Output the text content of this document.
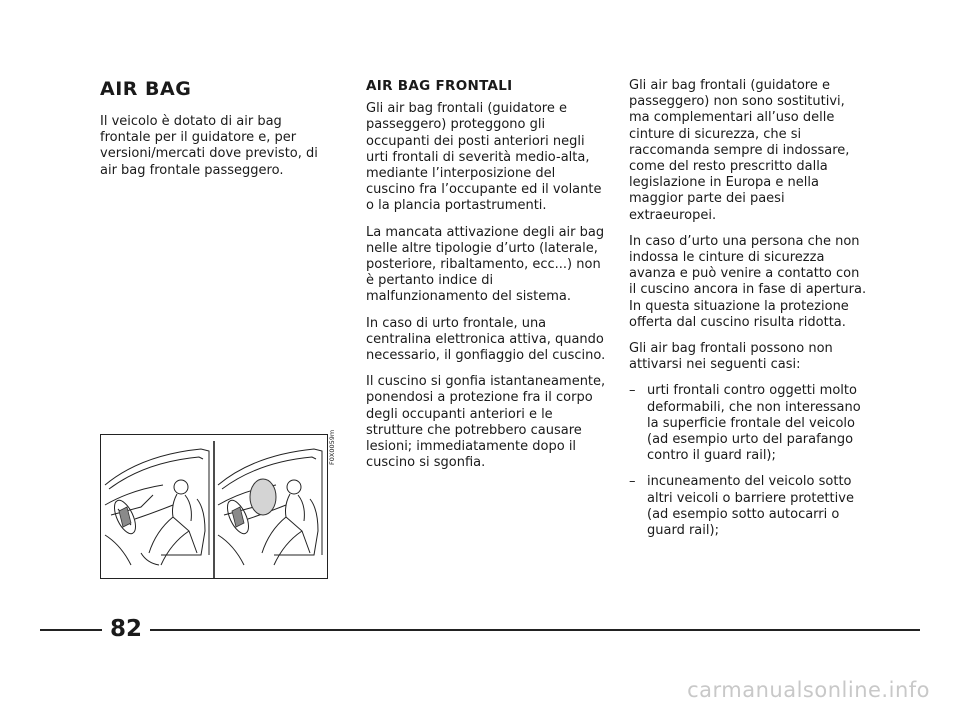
AIR BAG

Il veicolo è dotato di air bag frontale per il guidatore e, per versioni/mercati dove previsto, di air bag frontale passeggero.

F0X0059m
AIR BAG FRONTALI

Gli air bag frontali (guidatore e passeggero) proteggono gli occupanti dei posti anteriori negli urti frontali di severità medio-alta, mediante l’interposizione del cuscino fra l’occupante ed il volante o la plancia portastrumenti.

La mancata attivazione degli air bag nelle altre tipologie d’urto (laterale, posteriore, ribaltamento, ecc...) non è pertanto indice di malfunzionamento del sistema.

In caso di urto frontale, una centralina elettronica attiva, quando necessario, il gonfiaggio del cuscino.

Il cuscino si gonfia istantaneamente, ponendosi a protezione fra il corpo degli occupanti anteriori e le strutture che potrebbero causare lesioni; immediatamente dopo il cuscino si sgonfia.

Gli air bag frontali (guidatore e passeggero) non sono sostitutivi, ma complementari all’uso delle cinture di sicurezza, che si raccomanda sempre di indossare, come del resto prescritto dalla legislazione in Europa e nella maggior parte dei paesi extraeuropei.

In caso d’urto una persona che non indossa le cinture di sicurezza avanza e può venire a contatto con il cuscino ancora in fase di apertura. In questa situazione la protezione offerta dal cuscino risulta ridotta.

Gli air bag frontali possono non attivarsi nei seguenti casi:

– urti frontali contro oggetti molto deformabili, che non interessano la superficie frontale del veicolo (ad esempio urto del parafango contro il guard rail);
– incuneamento del veicolo sotto altri veicoli o barriere protettive (ad esempio sotto autocarri o guard rail);
82
carmanualsonline.info
